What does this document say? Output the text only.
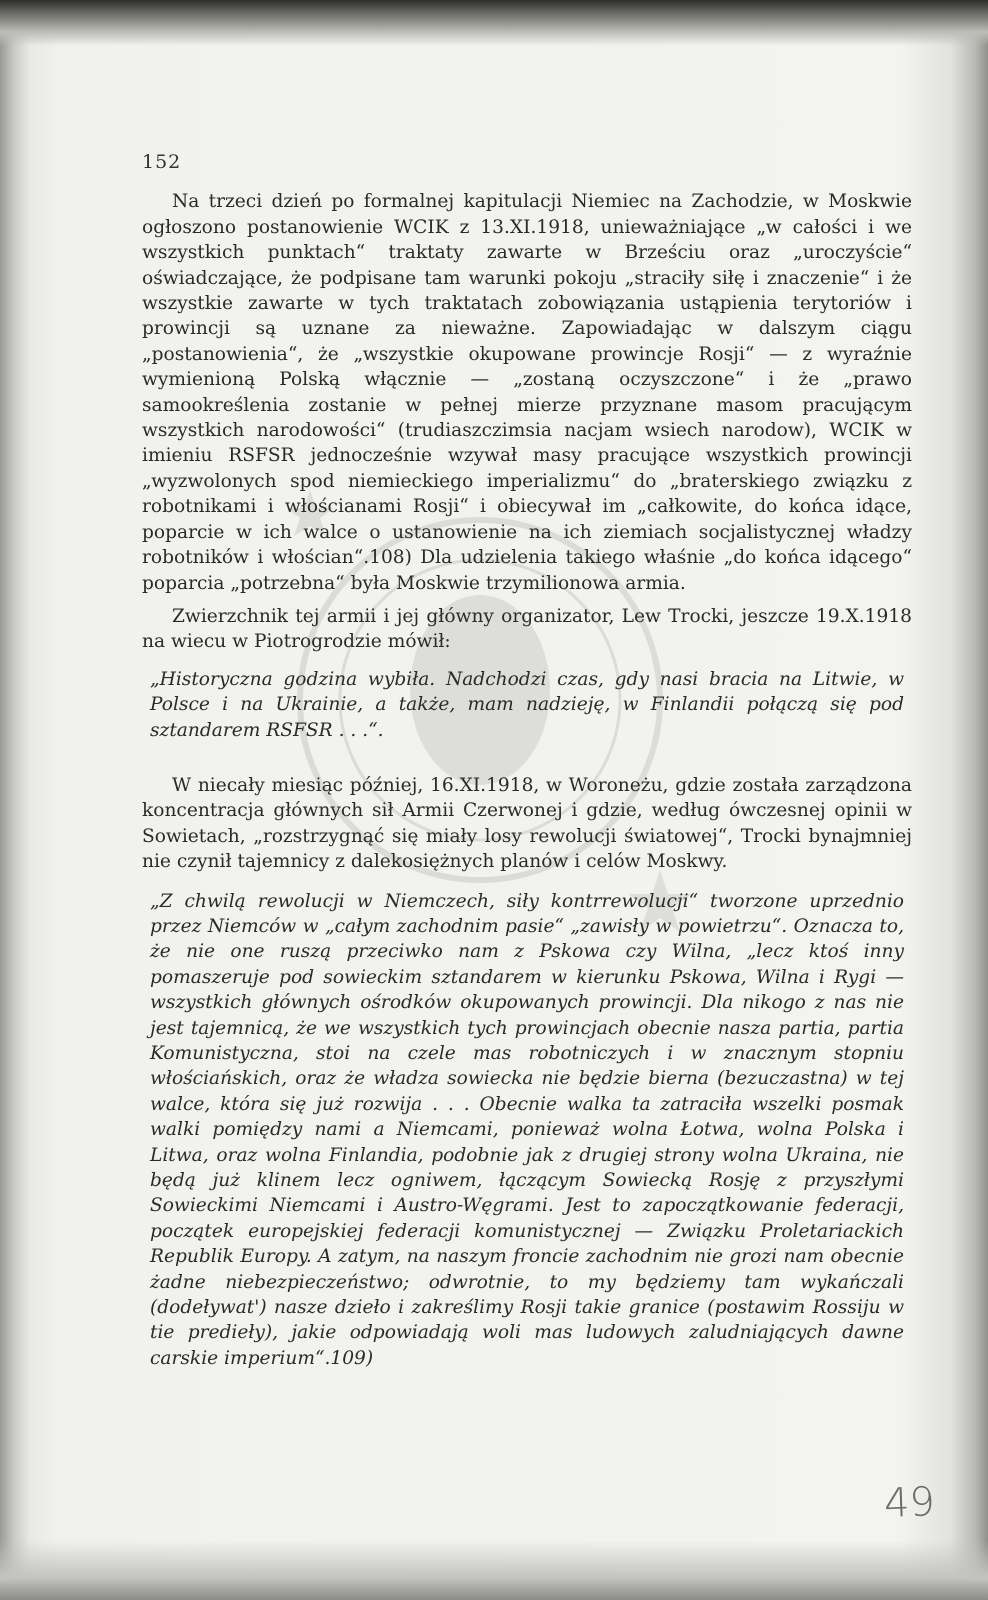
152

Na trzeci dzień po formalnej kapitulacji Niemiec na Zachodzie, w Moskwie ogłoszono postanowienie WCIK z 13.XI.1918, unieważniające „w całości i we wszystkich punktach“ traktaty zawarte w Brześciu oraz „uroczyście“ oświadczające, że podpisane tam warunki pokoju „straciły siłę i znaczenie“ i że wszystkie zawarte w tych traktatach zobowiązania ustąpienia terytoriów i prowincji są uznane za nieważne. Zapowiadając w dalszym ciągu „postanowienia“, że „wszystkie okupowane prowincje Rosji“ — z wyraźnie wymienioną Polską włącznie — „zostaną oczyszczone“ i że „prawo samookreślenia zostanie w pełnej mierze przyznane masom pracującym wszystkich narodowości“ (trudiaszczimsia nacjam wsiech narodow), WCIK w imieniu RSFSR jednocześnie wzywał masy pracujące wszystkich prowincji „wyzwolonych spod niemieckiego imperializmu“ do „braterskiego związku z robotnikami i włościanami Rosji“ i obiecywał im „całkowite, do końca idące, poparcie w ich walce o ustanowienie na ich ziemiach socjalistycznej władzy robotników i włościan“.108) Dla udzielenia takiego właśnie „do końca idącego“ poparcia „potrzebna“ była Moskwie trzymilionowa armia.

Zwierzchnik tej armii i jej główny organizator, Lew Trocki, jeszcze 19.X.1918 na wiecu w Piotrogrodzie mówił:

„Historyczna godzina wybiła. Nadchodzi czas, gdy nasi bracia na Litwie, w Polsce i na Ukrainie, a także, mam nadzieję, w Finlandii połączą się pod sztandarem RSFSR . . .“.

W niecały miesiąc później, 16.XI.1918, w Woroneżu, gdzie została zarządzona koncentracja głównych sił Armii Czerwonej i gdzie, według ówczesnej opinii w Sowietach, „rozstrzygnąć się miały losy rewolucji światowej“, Trocki bynajmniej nie czynił tajemnicy z dalekosiężnych planów i celów Moskwy.

„Z chwilą rewolucji w Niemczech, siły kontrrewolucji“ tworzone uprzednio przez Niemców w „całym zachodnim pasie“ „zawisły w powietrzu“. Oznacza to, że nie one ruszą przeciwko nam z Pskowa czy Wilna, „lecz ktoś inny pomaszeruje pod sowieckim sztandarem w kierunku Pskowa, Wilna i Rygi — wszystkich głównych ośrodków okupowanych prowincji. Dla nikogo z nas nie jest tajemnicą, że we wszystkich tych prowincjach obecnie nasza partia, partia Komunistyczna, stoi na czele mas robotniczych i w znacznym stopniu włościańskich, oraz że władza sowiecka nie będzie bierna (bezuczastna) w tej walce, która się już rozwija . . . Obecnie walka ta zatraciła wszelki posmak walki pomiędzy nami a Niemcami, ponieważ wolna Łotwa, wolna Polska i Litwa, oraz wolna Finlandia, podobnie jak z drugiej strony wolna Ukraina, nie będą już klinem lecz ogniwem, łączącym Sowiecką Rosję z przyszłymi Sowieckimi Niemcami i Austro-Węgrami. Jest to zapoczątkowanie federacji, początek europejskiej federacji komunistycznej — Związku Proletariackich Republik Europy. A zatym, na naszym froncie zachodnim nie grozi nam obecnie żadne niebezpieczeństwo; odwrotnie, to my będziemy tam wykańczali (dodeływat') nasze dzieło i zakreślimy Rosji takie granice (postawim Rossiju w tie predieły), jakie odpowiadają woli mas ludowych zaludniających dawne carskie imperium“.109)

49
